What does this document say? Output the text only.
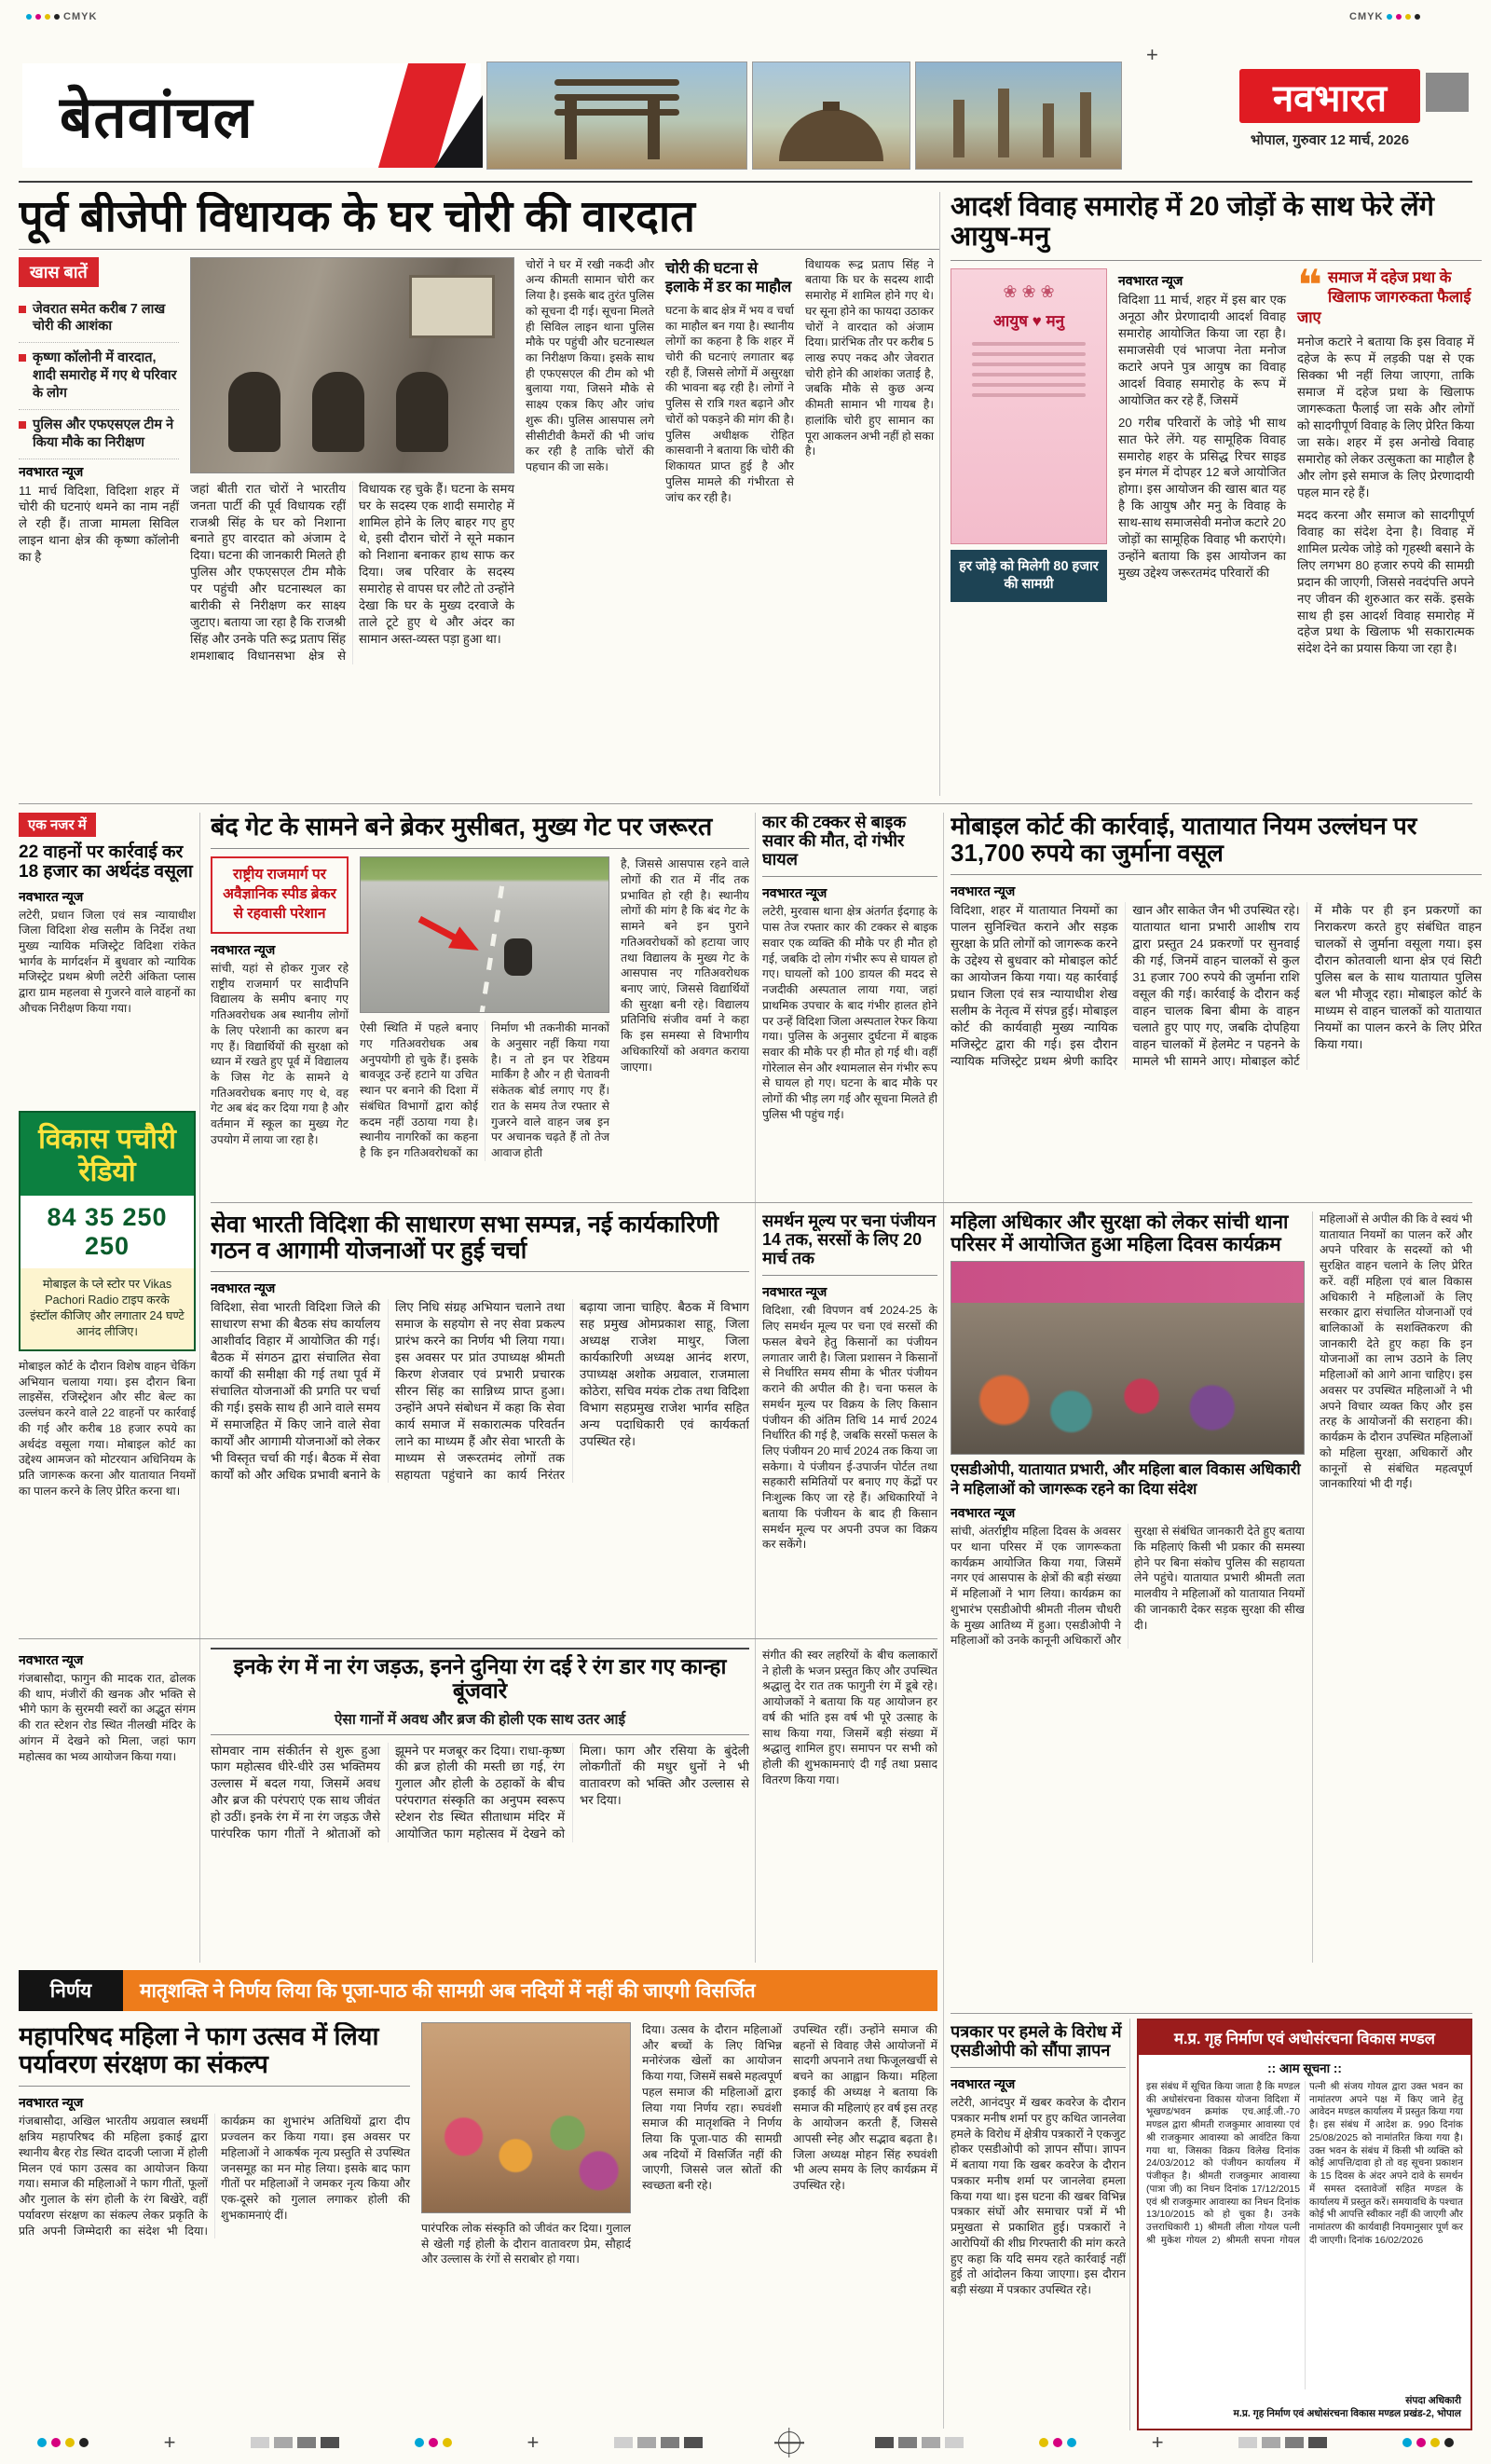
CMYK	CMYK
+
बेतवांचल	नवभारत
भोपाल, गुरुवार 12 मार्च, 2026
पूर्व बीजेपी विधायक के घर चोरी की वारदात
खास बातें
जेवरात समेत करीब 7 लाख चोरी की आशंका
कृष्णा कॉलोनी में वारदात, शादी समारोह में गए थे परिवार के लोग
पुलिस और एफएसएल टीम ने किया मौके का निरीक्षण
नवभारत न्यूज

11 मार्च विदिशा, विदिशा शहर में चोरी की घटनाएं थमने का नाम नहीं ले रही हैं। ताजा मामला सिविल लाइन थाना क्षेत्र की कृष्णा कॉलोनी का है

जहां बीती रात चोरों ने भारतीय जनता पार्टी की पूर्व विधायक रहीं राजश्री सिंह के घर को निशाना बनाते हुए वारदात को अंजाम दे दिया। घटना की जानकारी मिलते ही पुलिस और एफएसएल टीम मौके पर पहुंची और घटनास्थल का बारीकी से निरीक्षण कर साक्ष्य जुटाए। बताया जा रहा है कि राजश्री सिंह और उनके पति रूद्र प्रताप सिंह शमशाबाद विधानसभा क्षेत्र से विधायक रह चुके हैं। घटना के समय घर के सदस्य एक शादी समारोह में शामिल होने के लिए बाहर गए हुए थे, इसी दौरान चोरों ने सूने मकान को निशाना बनाकर हाथ साफ कर दिया। जब परिवार के सदस्य समारोह से वापस घर लौटे तो उन्होंने देखा कि घर के मुख्य दरवाजे के ताले टूटे हुए थे और अंदर का सामान अस्त-व्यस्त पड़ा हुआ था।

चोरों ने घर में रखी नकदी और अन्य कीमती सामान चोरी कर लिया है। इसके बाद तुरंत पुलिस को सूचना दी गई। सूचना मिलते ही सिविल लाइन थाना पुलिस मौके पर पहुंची और घटनास्थल का निरीक्षण किया। इसके साथ ही एफएसएल की टीम को भी बुलाया गया, जिसने मौके से साक्ष्य एकत्र किए और जांच शुरू की। पुलिस आसपास लगे सीसीटीवी कैमरों की भी जांच कर रही है ताकि चोरों की पहचान की जा सके।

चोरी की घटना से इलाके में डर का माहौल

घटना के बाद क्षेत्र में भय व चर्चा का माहौल बन गया है। स्थानीय लोगों का कहना है कि शहर में चोरी की घटनाएं लगातार बढ़ रही हैं, जिससे लोगों में असुरक्षा की भावना बढ़ रही है। लोगों ने पुलिस से रात्रि गश्त बढ़ाने और चोरों को पकड़ने की मांग की है। पुलिस अधीक्षक रोहित कासवानी ने बताया कि चोरी की शिकायत प्राप्त हुई है और पुलिस मामले की गंभीरता से जांच कर रही है।

विधायक रूद्र प्रताप सिंह ने बताया कि घर के सदस्य शादी समारोह में शामिल होने गए थे। घर सूना होने का फायदा उठाकर चोरों ने वारदात को अंजाम दिया। प्रारंभिक तौर पर करीब 5 लाख रुपए नकद और जेवरात चोरी होने की आशंका जताई है, जबकि मौके से कुछ अन्य कीमती सामान भी गायब है। हालांकि चोरी हुए सामान का पूरा आकलन अभी नहीं हो सका है।

आदर्श विवाह समारोह में 20 जोड़ों के साथ फेरे लेंगे आयुष-मनु
❀ ❀ ❀
आयुष ♥ मनु
हर जोड़े को मिलेगी 80 हजार की सामग्री
नवभारत न्यूज

विदिशा 11 मार्च, शहर में इस बार एक अनूठा और प्रेरणादायी आदर्श विवाह समारोह आयोजित किया जा रहा है। समाजसेवी एवं भाजपा नेता मनोज कटारे अपने पुत्र आयुष का विवाह आदर्श विवाह समारोह के रूप में आयोजित कर रहे हैं, जिसमें

20 गरीब परिवारों के जोड़े भी साथ सात फेरे लेंगे. यह सामूहिक विवाह समारोह शहर के प्रसिद्ध रिचर साइड इन मंगल में दोपहर 12 बजे आयोजित होगा। इस आयोजन की खास बात यह है कि आयुष और मनु के विवाह के साथ-साथ समाजसेवी मनोज कटारे 20 जोड़ों का सामूहिक विवाह भी कराएंगे। उन्होंने बताया कि इस आयोजन का मुख्य उद्देश्य जरूरतमंद परिवारों की

❝ समाज में दहेज प्रथा के खिलाफ जागरुकता फैलाई जाए

मनोज कटारे ने बताया कि इस विवाह में दहेज के रूप में लड़की पक्ष से एक सिक्का भी नहीं लिया जाएगा, ताकि समाज में दहेज प्रथा के खिलाफ जागरूकता फैलाई जा सके और लोगों को सादगीपूर्ण विवाह के लिए प्रेरित किया जा सके। शहर में इस अनोखे विवाह समारोह को लेकर उत्सुकता का माहौल है और लोग इसे समाज के लिए प्रेरणादायी पहल मान रहे हैं।

मदद करना और समाज को सादगीपूर्ण विवाह का संदेश देना है। विवाह में शामिल प्रत्येक जोड़े को गृहस्थी बसाने के लिए लगभग 80 हजार रुपये की सामग्री प्रदान की जाएगी, जिससे नवदंपत्ति अपने नए जीवन की शुरुआत कर सकें. इसके साथ ही इस आदर्श विवाह समारोह में दहेज प्रथा के खिलाफ भी सकारात्मक संदेश देने का प्रयास किया जा रहा है।

एक नजर में
22 वाहनों पर कार्रवाई कर 18 हजार का अर्थदंड वसूला
नवभारत न्यूज

लटेरी, प्रधान जिला एवं सत्र न्यायाधीश जिला विदिशा शेख सलीम के निर्देश तथा मुख्य न्यायिक मजिस्ट्रेट विदिशा रांकेत भार्गव के मार्गदर्शन में बुधवार को न्यायिक मजिस्ट्रेट प्रथम श्रेणी लटेरी अंकिता प्लास द्वारा ग्राम महलवा से गुजरने वाले वाहनों का औचक निरीक्षण किया गया।

विकास पचौरी रेडियो
84 35 250 250
मोबाइल के प्ले स्टोर पर Vikas Pachori Radio टाइप करके इंस्टॉल कीजिए और लगातार 24 घण्टे आनंद लीजिए।

मोबाइल कोर्ट के दौरान विशेष वाहन चेकिंग अभियान चलाया गया। इस दौरान बिना लाइसेंस, रजिस्ट्रेशन और सीट बेल्ट का उल्लंघन करने वाले 22 वाहनों पर कार्रवाई की गई और करीब 18 हजार रुपये का अर्थदंड वसूला गया। मोबाइल कोर्ट का उद्देश्य आमजन को मोटरयान अधिनियम के प्रति जागरूक करना और यातायात नियमों का पालन करने के लिए प्रेरित करना था।

बंद गेट के सामने बने ब्रेकर मुसीबत, मुख्य गेट पर जरूरत
राष्ट्रीय राजमार्ग पर अवैज्ञानिक स्पीड ब्रेकर से रहवासी परेशान
नवभारत न्यूज

सांची, यहां से होकर गुजर रहे राष्ट्रीय राजमार्ग पर सादीपनि विद्यालय के समीप बनाए गए गतिअवरोधक अब स्थानीय लोगों के लिए परेशानी का कारण बन गए हैं। विद्यार्थियों की सुरक्षा को ध्यान में रखते हुए पूर्व में विद्यालय के जिस गेट के सामने ये गतिअवरोधक बनाए गए थे, वह गेट अब बंद कर दिया गया है और वर्तमान में स्कूल का मुख्य गेट उपयोग में लाया जा रहा है।

ऐसी स्थिति में पहले बनाए गए गतिअवरोधक अब अनुपयोगी हो चुके हैं। इसके बावजूद उन्हें हटाने या उचित स्थान पर बनाने की दिशा में संबंधित विभागों द्वारा कोई कदम नहीं उठाया गया है। स्थानीय नागरिकों का कहना है कि इन गतिअवरोधकों का निर्माण भी तकनीकी मानकों के अनुसार नहीं किया गया है। न तो इन पर रेडियम मार्किंग है और न ही चेतावनी संकेतक बोर्ड लगाए गए हैं। रात के समय तेज रफ्तार से गुजरने वाले वाहन जब इन पर अचानक चढ़ते हैं तो तेज आवाज होती

है, जिससे आसपास रहने वाले लोगों की रात में नींद तक प्रभावित हो रही है। स्थानीय लोगों की मांग है कि बंद गेट के सामने बने इन पुराने गतिअवरोधकों को हटाया जाए तथा विद्यालय के मुख्य गेट के आसपास नए गतिअवरोधक बनाए जाएं, जिससे विद्यार्थियों की सुरक्षा बनी रहे। विद्यालय प्रतिनिधि संजीव वर्मा ने कहा कि इस समस्या से विभागीय अधिकारियों को अवगत कराया जाएगा।

कार की टक्कर से बाइक सवार की मौत, दो गंभीर घायल
नवभारत न्यूज

लटेरी, मुरवास थाना क्षेत्र अंतर्गत ईदगाह के पास तेज रफ्तार कार की टक्कर से बाइक सवार एक व्यक्ति की मौके पर ही मौत हो गई, जबकि दो लोग गंभीर रूप से घायल हो गए। घायलों को 100 डायल की मदद से नजदीकी अस्पताल लाया गया, जहां प्राथमिक उपचार के बाद गंभीर हालत होने पर उन्हें विदिशा जिला अस्पताल रेफर किया गया। पुलिस के अनुसार दुर्घटना में बाइक सवार की मौके पर ही मौत हो गई थी। वहीं गोरेलाल सेन और श्यामलाल सेन गंभीर रूप से घायल हो गए। घटना के बाद मौके पर लोगों की भीड़ लग गई और सूचना मिलते ही पुलिस भी पहुंच गई।

मोबाइल कोर्ट की कार्रवाई, यातायात नियम उल्लंघन पर 31,700 रुपये का जुर्माना वसूल
नवभारत न्यूज

विदिशा, शहर में यातायात नियमों का पालन सुनिश्चित कराने और सड़क सुरक्षा के प्रति लोगों को जागरूक करने के उद्देश्य से बुधवार को मोबाइल कोर्ट का आयोजन किया गया। यह कार्रवाई प्रधान जिला एवं सत्र न्यायाधीश शेख सलीम के नेतृत्व में संपन्न हुई। मोबाइल कोर्ट की कार्यवाही मुख्य न्यायिक मजिस्ट्रेट द्वारा की गई। इस दौरान न्यायिक मजिस्ट्रेट प्रथम श्रेणी कादिर खान और साकेत जैन भी उपस्थित रहे। यातायात थाना प्रभारी आशीष राय द्वारा प्रस्तुत 24 प्रकरणों पर सुनवाई की गई, जिनमें वाहन चालकों से कुल 31 हजार 700 रुपये की जुर्माना राशि वसूल की गई। कार्रवाई के दौरान कई वाहन चालक बिना बीमा के वाहन चलाते हुए पाए गए, जबकि दोपहिया वाहन चालकों में हेलमेट न पहनने के मामले भी सामने आए। मोबाइल कोर्ट में मौके पर ही इन प्रकरणों का निराकरण करते हुए संबंधित वाहन चालकों से जुर्माना वसूला गया। इस दौरान कोतवाली थाना क्षेत्र एवं सिटी पुलिस बल के साथ यातायात पुलिस बल भी मौजूद रहा। मोबाइल कोर्ट के माध्यम से वाहन चालकों को यातायात नियमों का पालन करने के लिए प्रेरित किया गया।

सेवा भारती विदिशा की साधारण सभा सम्पन्न, नई कार्यकारिणी गठन व आगामी योजनाओं पर हुई चर्चा
नवभारत न्यूज

विदिशा, सेवा भारती विदिशा जिले की साधारण सभा की बैठक संघ कार्यालय आशीर्वाद विहार में आयोजित की गई। बैठक में संगठन द्वारा संचालित सेवा कार्यों की समीक्षा की गई तथा पूर्व में संचालित योजनाओं की प्रगति पर चर्चा की गई। इसके साथ ही आने वाले समय में समाजहित में किए जाने वाले सेवा कार्यों और आगामी योजनाओं को लेकर भी विस्तृत चर्चा की गई। बैठक में सेवा कार्यों को और अधिक प्रभावी बनाने के लिए निधि संग्रह अभियान चलाने तथा समाज के सहयोग से नए सेवा प्रकल्प प्रारंभ करने का निर्णय भी लिया गया। इस अवसर पर प्रांत उपाध्यक्ष श्रीमती किरण शेजवार एवं प्रभारी प्रचारक सीरन सिंह का सान्निध्य प्राप्त हुआ। उन्होंने अपने संबोधन में कहा कि सेवा कार्य समाज में सकारात्मक परिवर्तन लाने का माध्यम हैं और सेवा भारती के माध्यम से जरूरतमंद लोगों तक सहायता पहुंचाने का कार्य निरंतर बढ़ाया जाना चाहिए. बैठक में विभाग सह प्रमुख ओमप्रकाश साहू, जिला अध्यक्ष राजेश माथुर, जिला कार्यकारिणी अध्यक्ष आनंद शरण, उपाध्यक्ष अशोक अग्रवाल, राजमाला कोठेरा, सचिव मयंक टोक तथा विदिशा विभाग सहप्रमुख राजेश भार्गव सहित अन्य पदाधिकारी एवं कार्यकर्ता उपस्थित रहे।

समर्थन मूल्य पर चना पंजीयन 14 तक, सरसों के लिए 20 मार्च तक
नवभारत न्यूज

विदिशा, रबी विपणन वर्ष 2024-25 के लिए समर्थन मूल्य पर चना एवं सरसों की फसल बेचने हेतु किसानों का पंजीयन लगातार जारी है। जिला प्रशासन ने किसानों से निर्धारित समय सीमा के भीतर पंजीयन कराने की अपील की है। चना फसल के समर्थन मूल्य पर विक्रय के लिए किसान पंजीयन की अंतिम तिथि 14 मार्च 2024 निर्धारित की गई है, जबकि सरसों फसल के लिए पंजीयन 20 मार्च 2024 तक किया जा सकेगा। ये पंजीयन ई-उपार्जन पोर्टल तथा सहकारी समितियों पर बनाए गए केंद्रों पर निःशुल्क किए जा रहे हैं। अधिकारियों ने बताया कि पंजीयन के बाद ही किसान समर्थन मूल्य पर अपनी उपज का विक्रय कर सकेंगे।

महिला अधिकार और सुरक्षा को लेकर सांची थाना परिसर में आयोजित हुआ महिला दिवस कार्यक्रम
एसडीओपी, यातायात प्रभारी, और महिला बाल विकास अधिकारी ने महिलाओं को जागरूक रहने का दिया संदेश
नवभारत न्यूज

सांची, अंतर्राष्ट्रीय महिला दिवस के अवसर पर थाना परिसर में एक जागरूकता कार्यक्रम आयोजित किया गया, जिसमें नगर एवं आसपास के क्षेत्रों की बड़ी संख्या में महिलाओं ने भाग लिया। कार्यक्रम का शुभारंभ एसडीओपी श्रीमती नीलम चौधरी के मुख्य आतिथ्य में हुआ। एसडीओपी ने महिलाओं को उनके कानूनी अधिकारों और सुरक्षा से संबंधित जानकारी देते हुए बताया कि महिलाएं किसी भी प्रकार की समस्या होने पर बिना संकोच पुलिस की सहायता लेने पहुंचे। यातायात प्रभारी श्रीमती लता मालवीय ने महिलाओं को यातायात नियमों की जानकारी देकर सड़क सुरक्षा की सीख दी।

महिलाओं से अपील की कि वे स्वयं भी यातायात नियमों का पालन करें और अपने परिवार के सदस्यों को भी सुरक्षित वाहन चलाने के लिए प्रेरित करें. वहीं महिला एवं बाल विकास अधिकारी ने महिलाओं के लिए सरकार द्वारा संचालित योजनाओं एवं बालिकाओं के सशक्तिकरण की जानकारी देते हुए कहा कि इन योजनाओं का लाभ उठाने के लिए महिलाओं को आगे आना चाहिए। इस अवसर पर उपस्थित महिलाओं ने भी अपने विचार व्यक्त किए और इस तरह के आयोजनों की सराहना की। कार्यक्रम के दौरान उपस्थित महिलाओं को महिला सुरक्षा, अधिकारों और कानूनों से संबंधित महत्वपूर्ण जानकारियां भी दी गईं।

नवभारत न्यूज

गंजबासौदा, फागुन की मादक रात, ढोलक की थाप, मंजीरों की खनक और भक्ति से भीगे फाग के सुरमयी स्वरों का अद्भुत संगम की रात स्टेशन रोड स्थित नीलखी मंदिर के आंगन में देखने को मिला, जहां फाग महोत्सव का भव्य आयोजन किया गया।

इनके रंग में ना रंग जड़ऊ, इनने दुनिया रंग दई रे रंग डार गए कान्हा बूंजवारे
ऐसा गानों में अवध और ब्रज की होली एक साथ उतर आई

सोमवार नाम संकीर्तन से शुरू हुआ फाग महोत्सव धीरे-धीरे उस भक्तिमय उल्लास में बदल गया, जिसमें अवध और ब्रज की परंपराएं एक साथ जीवंत हो उठीं। इनके रंग में ना रंग जड़ऊ जैसे पारंपरिक फाग गीतों ने श्रोताओं को झूमने पर मजबूर कर दिया। राधा-कृष्ण की ब्रज होली की मस्ती छा गई, रंग गुलाल और होली के ठहाकों के बीच परंपरागत संस्कृति का अनुपम स्वरूप स्टेशन रोड स्थित सीताधाम मंदिर में आयोजित फाग महोत्सव में देखने को मिला। फाग और रसिया के बुंदेली लोकगीतों की मधुर धुनों ने भी वातावरण को भक्ति और उल्लास से भर दिया।

संगीत की स्वर लहरियों के बीच कलाकारों ने होली के भजन प्रस्तुत किए और उपस्थित श्रद्धालु देर रात तक फागुनी रंग में डूबे रहे। आयोजकों ने बताया कि यह आयोजन हर वर्ष की भांति इस वर्ष भी पूरे उत्साह के साथ किया गया, जिसमें बड़ी संख्या में श्रद्धालु शामिल हुए। समापन पर सभी को होली की शुभकामनाएं दी गईं तथा प्रसाद वितरण किया गया।

निर्णय	मातृशक्ति ने निर्णय लिया कि पूजा-पाठ की सामग्री अब नदियों में नहीं की जाएगी विसर्जित
महापरिषद महिला ने फाग उत्सव में लिया पर्यावरण संरक्षण का संकल्प
नवभारत न्यूज

गंजबासौदा, अखिल भारतीय अग्रवाल स्त्रधर्मी क्षत्रिय महापरिषद की महिला इकाई द्वारा स्थानीय बैरह रोड स्थित दादजी प्लाजा में होली मिलन एवं फाग उत्सव का आयोजन किया गया। समाज की महिलाओं ने फाग गीतों, फूलों और गुलाल के संग होली के रंग बिखेरे, वहीं पर्यावरण संरक्षण का संकल्प लेकर प्रकृति के प्रति अपनी जिम्मेदारी का संदेश भी दिया। कार्यक्रम का शुभारंभ अतिथियों द्वारा दीप प्रज्वलन कर किया गया। इस अवसर पर महिलाओं ने आकर्षक नृत्य प्रस्तुति से उपस्थित जनसमूह का मन मोह लिया। इसके बाद फाग गीतों पर महिलाओं ने जमकर नृत्य किया और एक-दूसरे को गुलाल लगाकर होली की शुभकामनाएं दीं।

पारंपरिक लोक संस्कृति को जीवंत कर दिया। गुलाल से खेली गई होली के दौरान वातावरण प्रेम, सौहार्द और उल्लास के रंगों से सराबोर हो गया।

दिया। उत्सव के दौरान महिलाओं और बच्चों के लिए विभिन्न मनोरंजक खेलों का आयोजन किया गया, जिसमें सबसे महत्वपूर्ण पहल समाज की महिलाओं द्वारा लिया गया निर्णय रहा। रुघवंशी समाज की मातृशक्ति ने निर्णय लिया कि पूजा-पाठ की सामग्री अब नदियों में विसर्जित नहीं की जाएगी, जिससे जल स्रोतों की स्वच्छता बनी रहे।

उपस्थित रहीं। उन्होंने समाज की बहनों से विवाह जैसे आयोजनों में सादगी अपनाने तथा फिजूलखर्ची से बचने का आह्वान किया। महिला इकाई की अध्यक्ष ने बताया कि समाज की महिलाएं हर वर्ष इस तरह के आयोजन करती हैं, जिससे आपसी स्नेह और सद्भाव बढ़ता है। जिला अध्यक्ष मोहन सिंह रुघवंशी भी अल्प समय के लिए कार्यक्रम में उपस्थित रहे।

पत्रकार पर हमले के विरोध में एसडीओपी को सौंपा ज्ञापन
नवभारत न्यूज

लटेरी, आनंदपुर में खबर कवरेज के दौरान पत्रकार मनीष शर्मा पर हुए कथित जानलेवा हमले के विरोध में क्षेत्रीय पत्रकारों ने एकजुट होकर एसडीओपी को ज्ञापन सौंपा। ज्ञापन में बताया गया कि खबर कवरेज के दौरान पत्रकार मनीष शर्मा पर जानलेवा हमला किया गया था। इस घटना की खबर विभिन्न पत्रकार संघों और समाचार पत्रों में भी प्रमुखता से प्रकाशित हुई। पत्रकारों ने आरोपियों की शीघ्र गिरफ्तारी की मांग करते हुए कहा कि यदि समय रहते कार्रवाई नहीं हुई तो आंदोलन किया जाएगा। इस दौरान बड़ी संख्या में पत्रकार उपस्थित रहे।

म.प्र. गृह निर्माण एवं अधोसंरचना विकास मण्डल
:: आम सूचना ::
इस संबंध में सूचित किया जाता है कि मण्डल की अधोसंरचना विकास योजना विदिशा में भूखण्ड/भवन क्रमांक एच.आई.जी.-70 मण्डल द्वारा श्रीमती राजकुमार आवास्या एवं श्री राजकुमार आवास्या को आवंटित किया गया था, जिसका विक्रय विलेख दिनांक 24/03/2012 को पंजीयन कार्यालय में पंजीकृत है। श्रीमती राजकुमार आवास्या (पात्रा जी) का निधन दिनांक 17/12/2015 एवं श्री राजकुमार आवास्या का निधन दिनांक 13/10/2015 को हो चुका है। उनके उत्तराधिकारी 1) श्रीमती लीला गोयल पत्नी श्री मुकेश गोयल 2) श्रीमती सपना गोयल पत्नी श्री संजय गोयल द्वारा उक्त भवन का नामांतरण अपने पक्ष में किए जाने हेतु आवेदन मण्डल कार्यालय में प्रस्तुत किया गया है। इस संबंध में आदेश क्र. 990 दिनांक 25/08/2025 को नामांतरित किया गया है। उक्त भवन के संबंध में किसी भी व्यक्ति को कोई आपत्ति/दावा हो तो वह सूचना प्रकाशन के 15 दिवस के अंदर अपने दावे के समर्थन में समस्त दस्तावेजों सहित मण्डल के कार्यालय में प्रस्तुत करें। समयावधि के पश्चात कोई भी आपत्ति स्वीकार नहीं की जाएगी और नामांतरण की कार्यवाही नियमानुसार पूर्ण कर दी जाएगी। दिनांक 16/02/2026
संपदा अधिकारी
म.प्र. गृह निर्माण एवं अधोसंरचना विकास मण्डल प्रखंड-2, भोपाल
+	+	+
